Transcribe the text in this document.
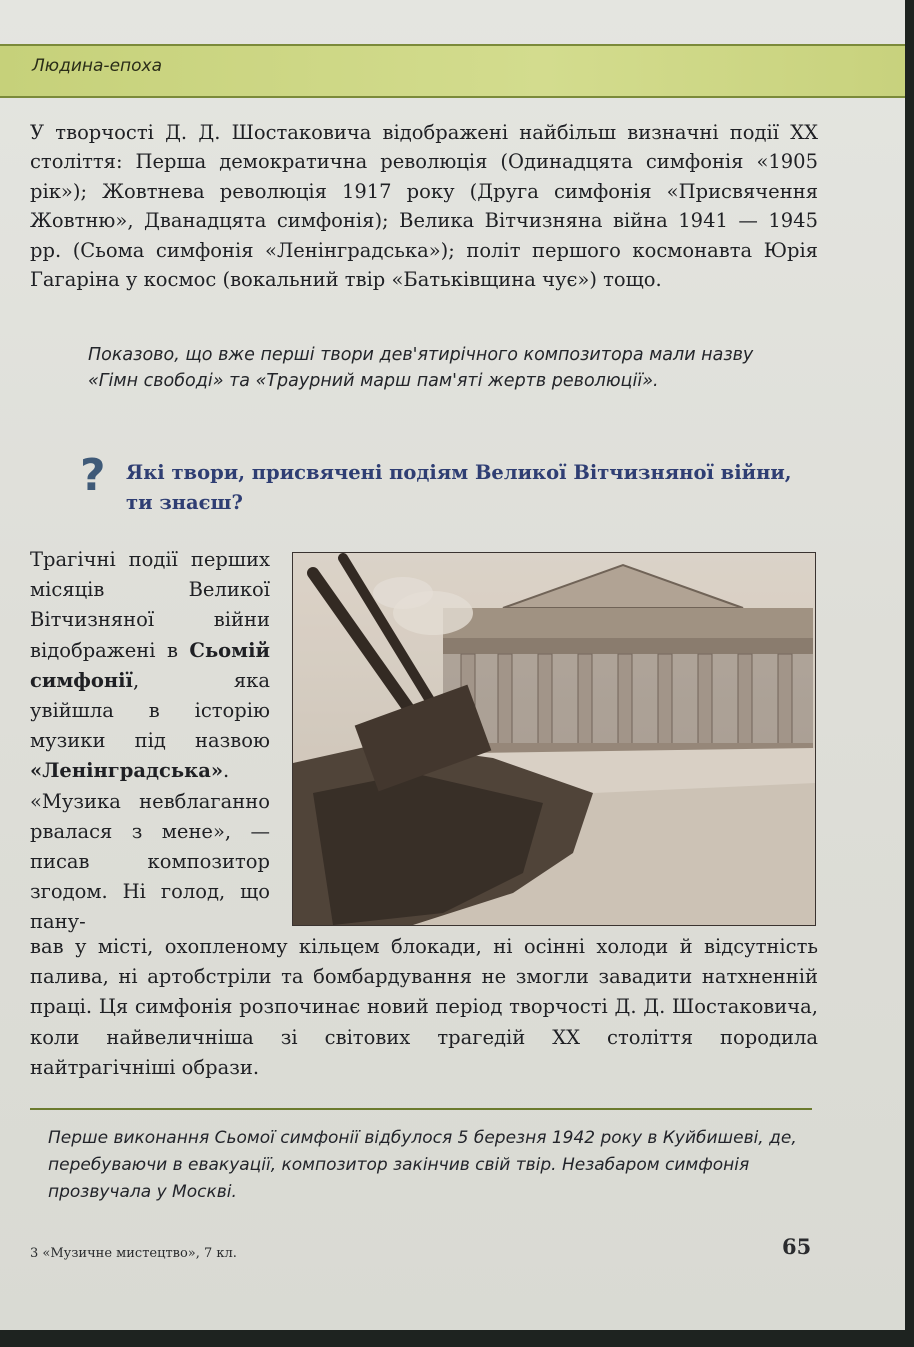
Людина-епоха

У творчості Д. Д. Шостаковича відображені найбільш визначні події XX століття: Перша демократична революція (Одинадцята симфонія «1905 рік»); Жовтнева революція 1917 року (Друга симфонія «Присвячення Жовтню», Дванадцята симфонія); Велика Вітчизняна війна 1941 — 1945 рр. (Сьома симфонія «Ленінградська»); політ першого космонавта Юрія Гагаріна у космос (вокальний твір «Батьківщина чує») тощо.

Показово, що вже перші твори дев'ятирічного композитора мали назву «Гімн свободі» та «Траурний марш пам'яті жертв революції».
? Які твори, присвячені подіям Великої Вітчизняної війни, ти знаєш?
Трагічні події перших місяців Великої Вітчизняної війни відображені в Сьомій симфонії, яка увійшла в історію музики під назвою «Ленінградська». «Музика невблаганно рвалася з мене», — писав композитор згодом. Ні голод, що пану-
вав у місті, охопленому кільцем блокади, ні осінні холоди й відсутність палива, ні артобстріли та бомбардування не змогли завадити натхненній праці. Ця симфонія розпочинає новий період творчості Д. Д. Шостаковича, коли найвеличніша зі світових трагедій XX століття породила найтрагічніші образи.
Перше виконання Сьомої симфонії відбулося 5 березня 1942 року в Куйбишеві, де, перебуваючи в евакуації, композитор закінчив свій твір. Незабаром симфонія прозвучала у Москві.
3 «Музичне мистецтво», 7 кл.	65
